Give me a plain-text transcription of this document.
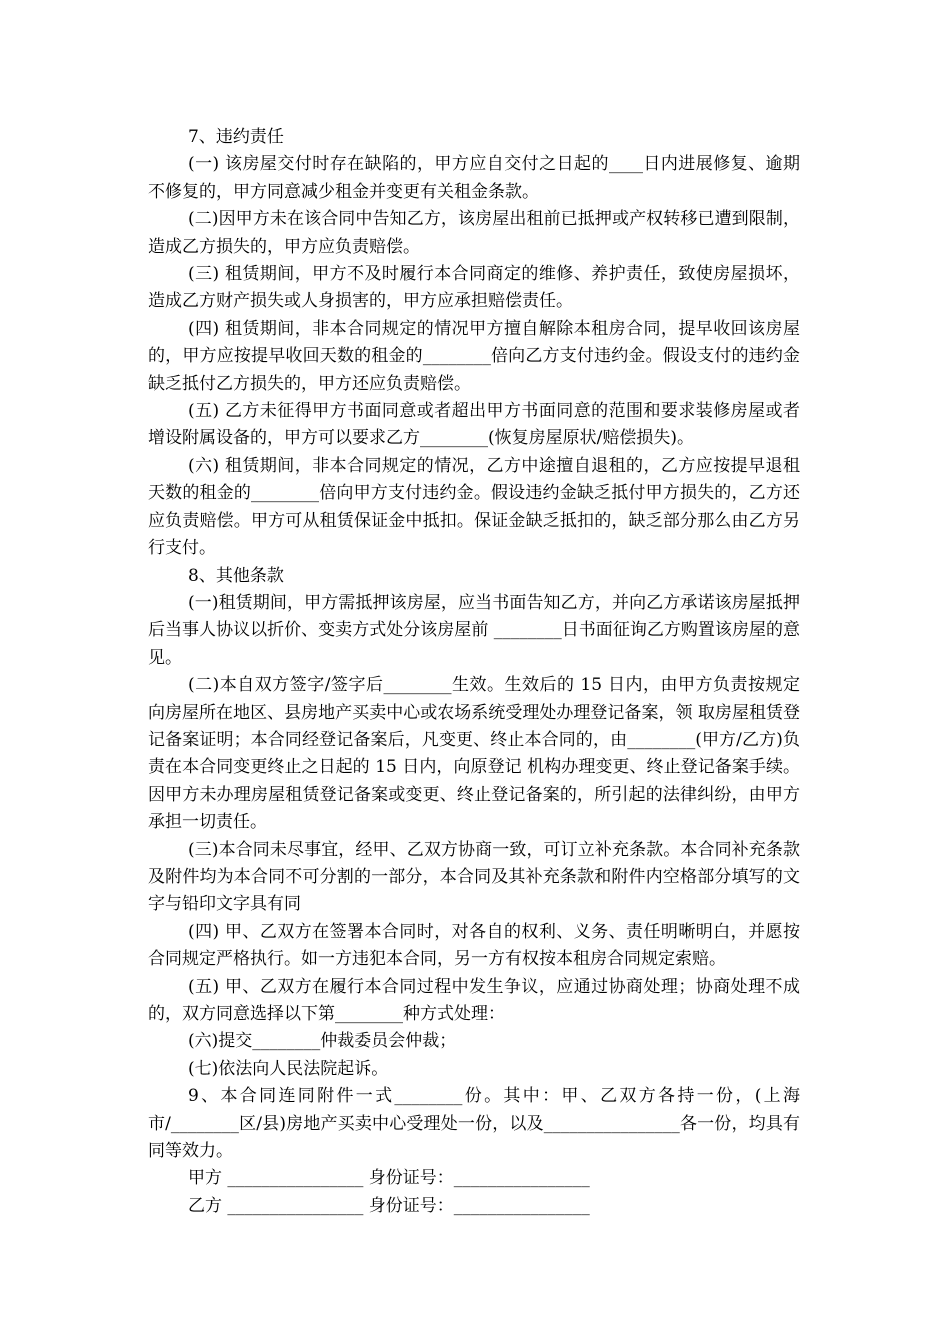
7、违约责任

(一) 该房屋交付时存在缺陷的，甲方应自交付之日起的____日内进展修复、逾期不修复的，甲方同意减少租金并变更有关租金条款。

(二)因甲方未在该合同中告知乙方，该房屋出租前已抵押或产权转移已遭到限制，造成乙方损失的，甲方应负责赔偿。

(三) 租赁期间，甲方不及时履行本合同商定的维修、养护责任，致使房屋损坏，造成乙方财产损失或人身损害的，甲方应承担赔偿责任。

(四) 租赁期间，非本合同规定的情况甲方擅自解除本租房合同，提早收回该房屋的，甲方应按提早收回天数的租金的________倍向乙方支付违约金。假设支付的违约金缺乏抵付乙方损失的，甲方还应负责赔偿。

(五) 乙方未征得甲方书面同意或者超出甲方书面同意的范围和要求装修房屋或者增设附属设备的，甲方可以要求乙方________(恢复房屋原状/赔偿损失)。

(六) 租赁期间，非本合同规定的情况，乙方中途擅自退租的，乙方应按提早退租天数的租金的________倍向甲方支付违约金。假设违约金缺乏抵付甲方损失的，乙方还应负责赔偿。甲方可从租赁保证金中抵扣。保证金缺乏抵扣的，缺乏部分那么由乙方另行支付。

8、其他条款

(一)租赁期间，甲方需抵押该房屋，应当书面告知乙方，并向乙方承诺该房屋抵押后当事人协议以折价、变卖方式处分该房屋前 ________日书面征询乙方购置该房屋的意见。

(二)本自双方签字/签字后________生效。生效后的 15 日内，由甲方负责按规定向房屋所在地区、县房地产买卖中心或农场系统受理处办理登记备案，领 取房屋租赁登记备案证明；本合同经登记备案后，凡变更、终止本合同的，由________(甲方/乙方)负责在本合同变更终止之日起的 15 日内，向原登记 机构办理变更、终止登记备案手续。因甲方未办理房屋租赁登记备案或变更、终止登记备案的，所引起的法律纠纷，由甲方承担一切责任。

(三)本合同未尽事宜，经甲、乙双方协商一致，可订立补充条款。本合同补充条款及附件均为本合同不可分割的一部分，本合同及其补充条款和附件内空格部分填写的文字与铅印文字具有同

(四) 甲、乙双方在签署本合同时，对各自的权利、义务、责任明晰明白，并愿按合同规定严格执行。如一方违犯本合同，另一方有权按本租房合同规定索赔。

(五) 甲、乙双方在履行本合同过程中发生争议，应通过协商处理；协商处理不成的，双方同意选择以下第________种方式处理：

(六)提交________仲裁委员会仲裁；

(七)依法向人民法院起诉。

9、本合同连同附件一式________份。其中：甲、乙双方各持一份，(上海市/________区/县)房地产买卖中心受理处一份，以及________________各一份，均具有同等效力。

甲方 ________________ 身份证号：________________

乙方 ________________ 身份证号：________________
